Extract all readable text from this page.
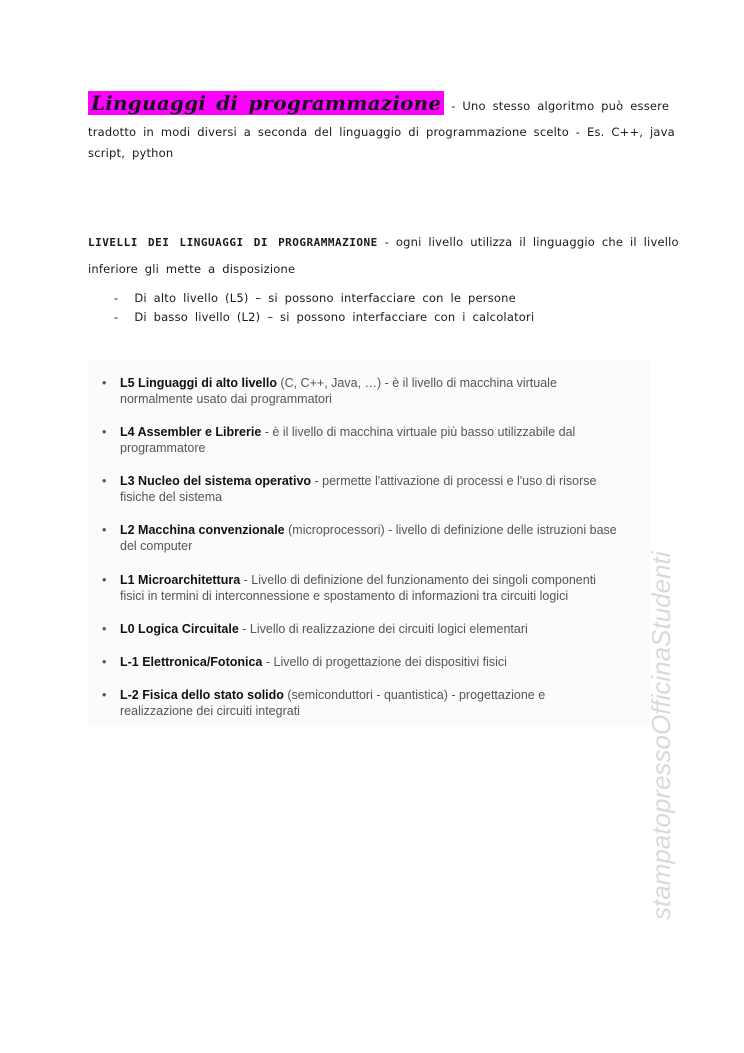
Linguaggi di programmazione - Uno stesso algoritmo può essere
tradotto in modi diversi a seconda del linguaggio di programmazione scelto - Es. C++, java
script, python
LIVELLI DEI LINGUAGGI DI PROGRAMMAZIONE - ogni livello utilizza il linguaggio che il livello
inferiore gli mette a disposizione
- Di alto livello (L5) – si possono interfacciare con le persone
- Di basso livello (L2) – si possono interfacciare con i calcolatori
• L5 Linguaggi di alto livello (C, C++, Java, …) - è il livello di macchina virtuale
normalmente usato dai programmatori
• L4 Assembler e Librerie - è il livello di macchina virtuale più basso utilizzabile dal
programmatore
• L3 Nucleo del sistema operativo - permette l'attivazione di processi e l'uso di risorse
fisiche del sistema
• L2 Macchina convenzionale (microprocessori) - livello di definizione delle istruzioni base
del computer
• L1 Microarchitettura - Livello di definizione del funzionamento dei singoli componenti
fisici in termini di interconnessione e spostamento di informazioni tra circuiti logici
• L0 Logica Circuitale - Livello di realizzazione dei circuiti logici elementari
• L-1 Elettronica/Fotonica - Livello di progettazione dei dispositivi fisici
• L-2 Fisica dello stato solido (semiconduttori - quantistica) - progettazione e
realizzazione dei circuiti integrati	stampatopressoOfficinaStudenti
